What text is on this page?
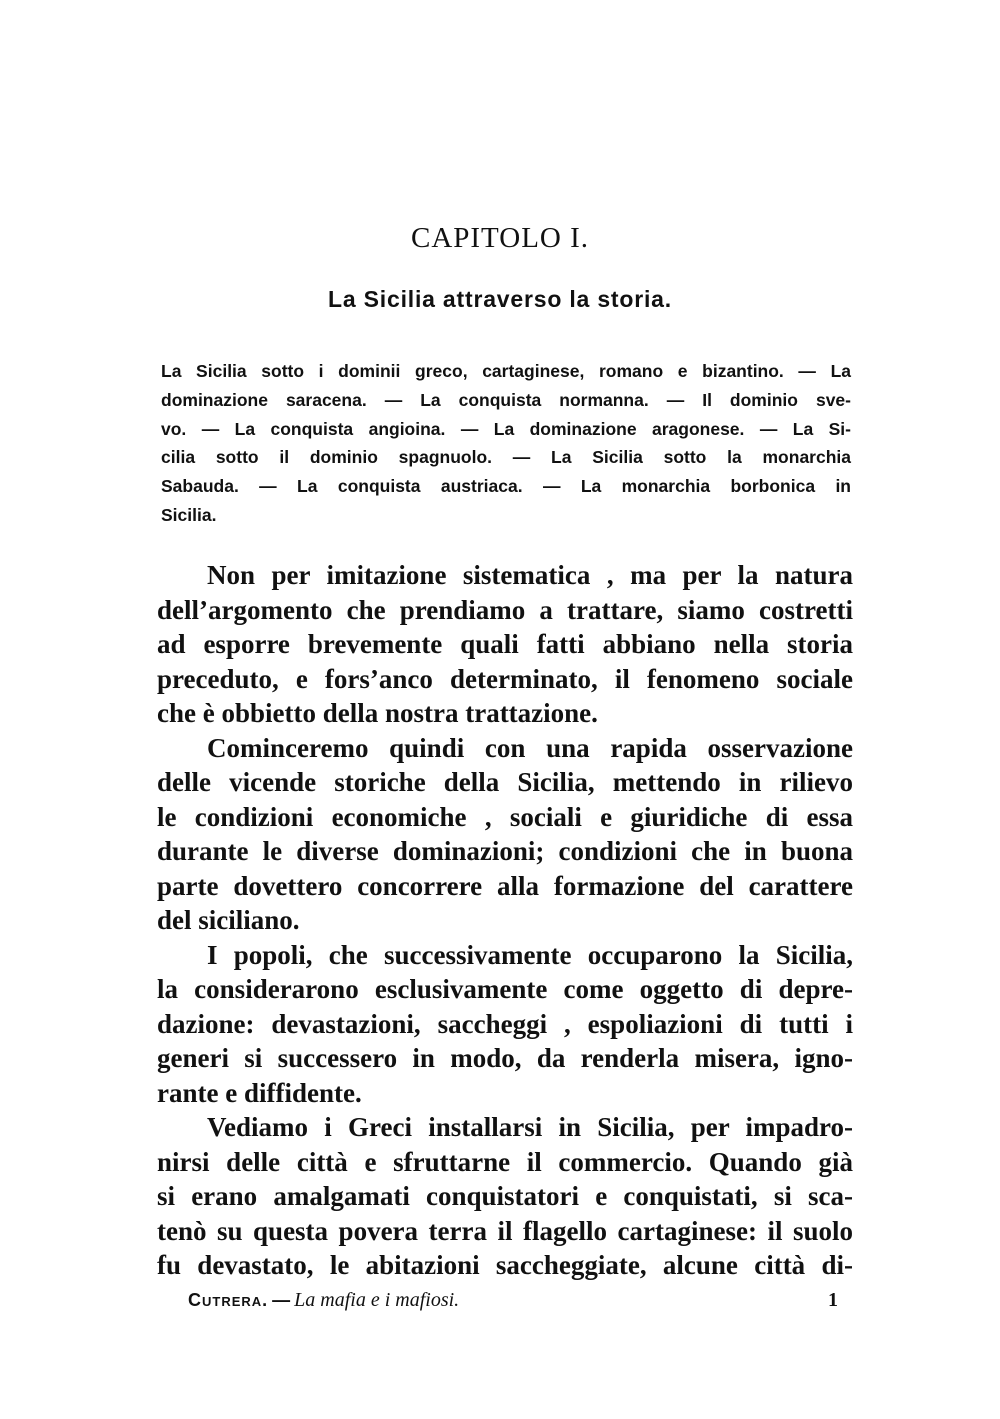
CAPITOLO I.
La Sicilia attraverso la storia.
La Sicilia sotto i dominii greco, cartaginese, romano e bizantino. — La
dominazione saracena. — La conquista normanna. — Il dominio sve-
vo. — La conquista angioina. — La dominazione aragonese. — La Si-
cilia sotto il dominio spagnuolo. — La Sicilia sotto la monarchia
Sabauda. — La conquista austriaca. — La monarchia borbonica in
Sicilia.
Non per imitazione sistematica , ma per la natura
dell’argomento che prendiamo a trattare, siamo costretti
ad esporre brevemente quali fatti abbiano nella storia
preceduto, e fors’anco determinato, il fenomeno sociale
che è obbietto della nostra trattazione.
Cominceremo quindi con una rapida osservazione
delle vicende storiche della Sicilia, mettendo in rilievo
le condizioni economiche , sociali e giuridiche di essa
durante le diverse dominazioni; condizioni che in buona
parte dovettero concorrere alla formazione del carattere
del siciliano.
I popoli, che successivamente occuparono la Sicilia,
la considerarono esclusivamente come oggetto di depre-
dazione: devastazioni, saccheggi , espoliazioni di tutti i
generi si successero in modo, da renderla misera, igno-
rante e diffidente.
Vediamo i Greci installarsi in Sicilia, per impadro-
nirsi delle città e sfruttarne il commercio. Quando già
si erano amalgamati conquistatori e conquistati, si sca-
tenò su questa povera terra il flagello cartaginese: il suolo
fu devastato, le abitazioni saccheggiate, alcune città di-
Cutrera. — La mafia e i mafiosi.	1
